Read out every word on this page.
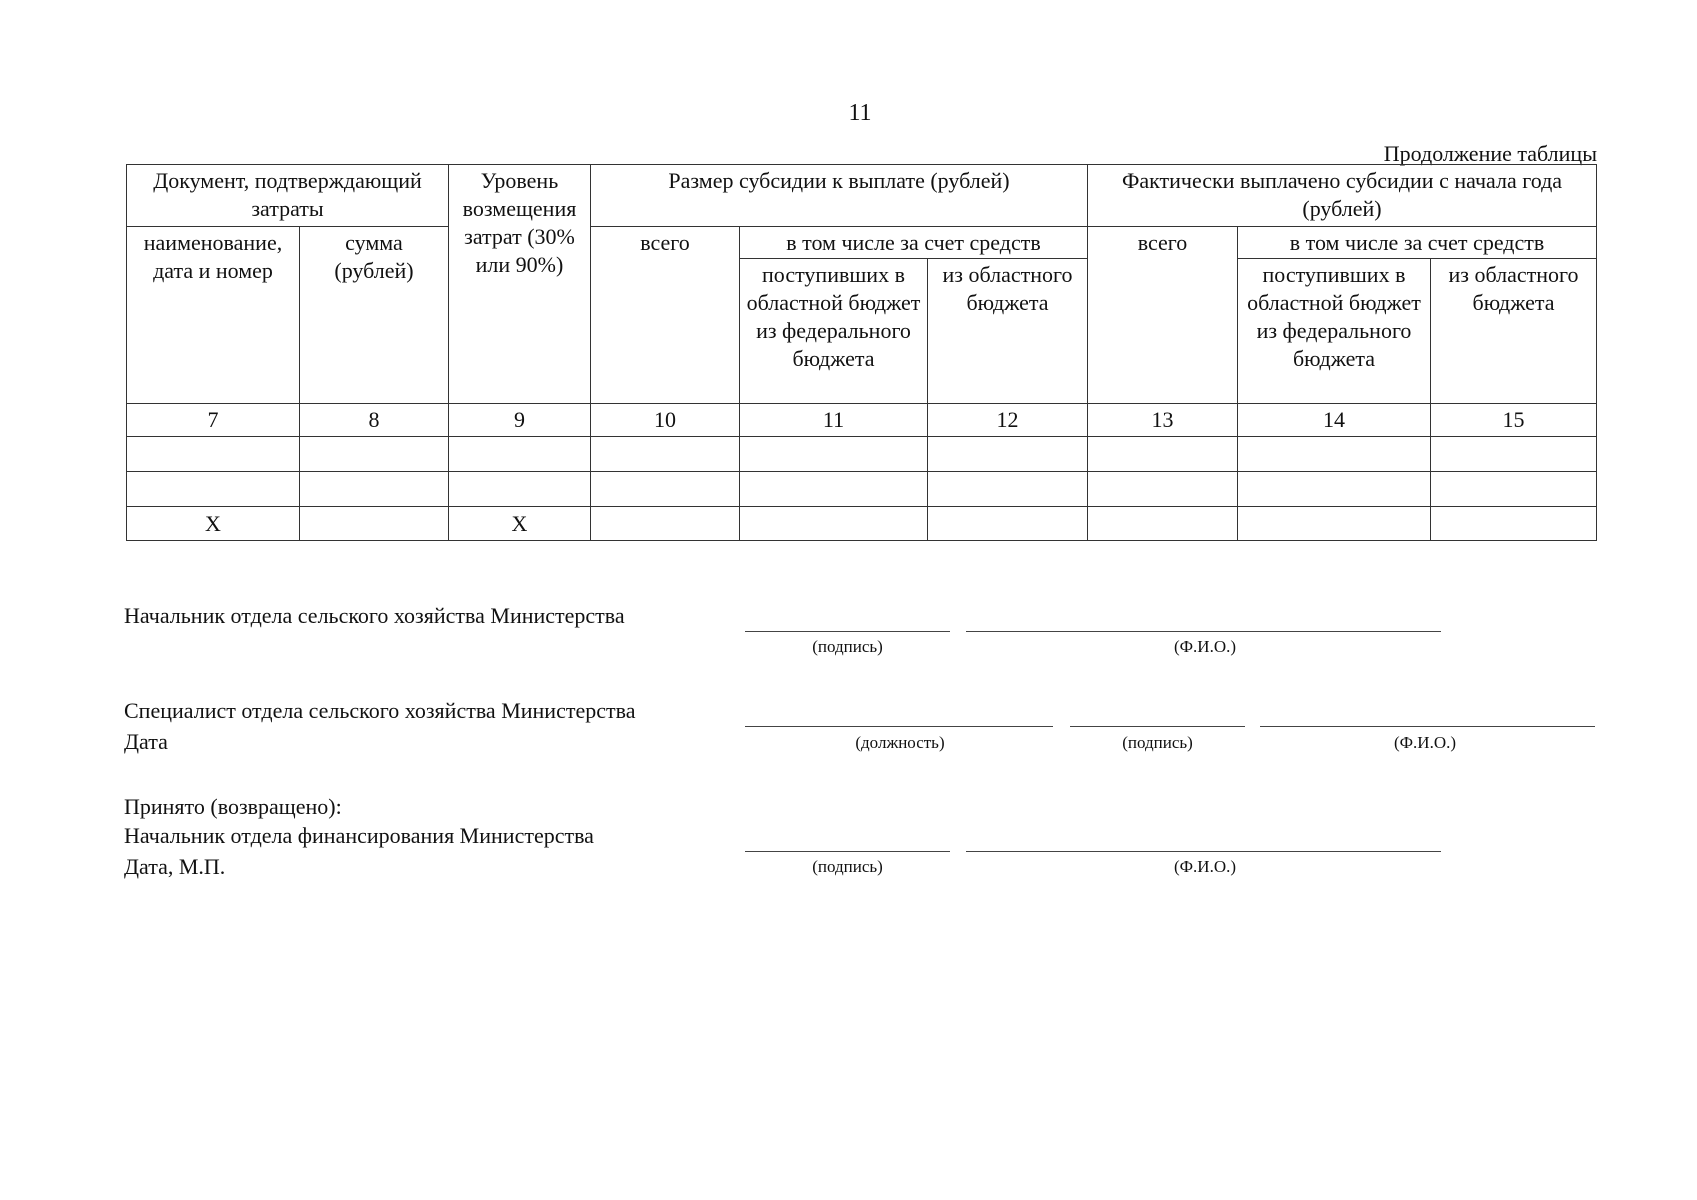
11
Продолжение таблицы
Документ, подтверждающий затраты		Уровень возмещения затрат (30% или 90%)	Размер субсидии к выплате (рублей)			Фактически выплачено субсидии с начала года (рублей)		
наименование, дата и номер	сумма (рублей)		всего	в том числе за счет средств		всего	в том числе за счет средств	
				поступивших в областной бюджет из федерального бюджета	из областного бюджета		поступивших в областной бюджет из федерального бюджета	из областного бюджета
7	8	9	10	11	12	13	14	15

X		X						
Начальник отдела сельского хозяйства Министерства
(подпись)	(Ф.И.О.)
Специалист отдела сельского хозяйства Министерства
Дата	(должность)	(подпись)	(Ф.И.О.)
Принято (возвращено):
Начальник отдела финансирования Министерства
Дата, М.П.	(подпись)	(Ф.И.О.)
